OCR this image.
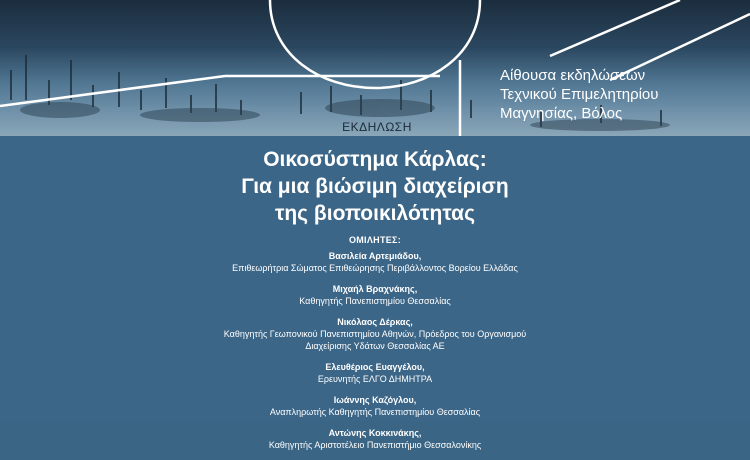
ΕΚΔΗΛΩΣΗ
Αίθουσα εκδηλώσεων
Τεχνικού Επιμελητηρίου
Μαγνησίας, Βόλος
Οικοσύστημα Κάρλας:
Για μια βιώσιμη διαχείριση
της βιοποικιλότητας
ΟΜΙΛΗΤΕΣ:
Βασιλεία Αρτεμιάδου,
Επιθεωρήτρια Σώματος Επιθεώρησης Περιβάλλοντος Βορείου Ελλάδας
Μιχαήλ Βραχνάκης,
Καθηγητής Πανεπιστημίου Θεσσαλίας
Νικόλαος Δέρκας,
Καθηγητής Γεωπονικού Πανεπιστημίου Αθηνών, Πρόεδρος του Οργανισμού
Διαχείρισης Υδάτων Θεσσαλίας ΑΕ
Ελευθέριος Ευαγγέλου,
Ερευνητής ΕΛΓΟ ΔΗΜΗΤΡΑ
Ιωάννης Καζόγλου,
Αναπληρωτής Καθηγητής Πανεπιστημίου Θεσσαλίας
Αντώνης Κοκκινάκης,
Καθηγητής Αριστοτέλειο Πανεπιστήμιο Θεσσαλονίκης
